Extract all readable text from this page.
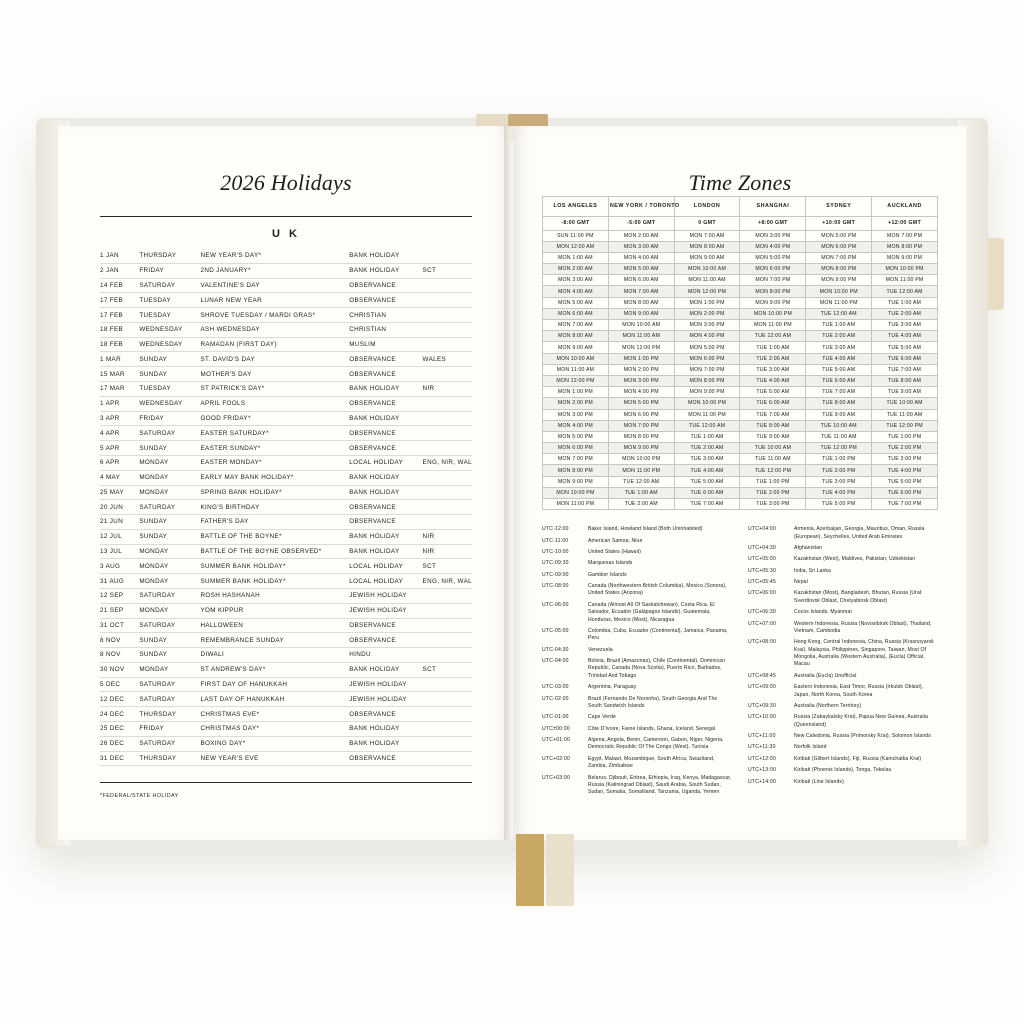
2026 Holidays
U K
1 JAN	THURSDAY	NEW YEAR'S DAY*	BANK HOLIDAY	
2 JAN	FRIDAY	2ND JANUARY*	BANK HOLIDAY	SCT
14 FEB	SATURDAY	VALENTINE'S DAY	OBSERVANCE	
17 FEB	TUESDAY	LUNAR NEW YEAR	OBSERVANCE	
17 FEB	TUESDAY	SHROVE TUESDAY / MARDI GRAS*	CHRISTIAN	
18 FEB	WEDNESDAY	ASH WEDNESDAY	CHRISTIAN	
18 FEB	WEDNESDAY	RAMADAN (FIRST DAY)	MUSLIM	
1 MAR	SUNDAY	ST. DAVID'S DAY	OBSERVANCE	WALES
15 MAR	SUNDAY	MOTHER'S DAY	OBSERVANCE	
17 MAR	TUESDAY	ST PATRICK'S DAY*	BANK HOLIDAY	NIR
1 APR	WEDNESDAY	APRIL FOOLS	OBSERVANCE	
3 APR	FRIDAY	GOOD FRIDAY*	BANK HOLIDAY	
4 APR	SATURDAY	EASTER SATURDAY*	OBSERVANCE	
5 APR	SUNDAY	EASTER SUNDAY*	OBSERVANCE	
6 APR	MONDAY	EASTER MONDAY*	LOCAL HOLIDAY	ENG, NIR, WAL
4 MAY	MONDAY	EARLY MAY BANK HOLIDAY*	BANK HOLIDAY	
25 MAY	MONDAY	SPRING BANK HOLIDAY*	BANK HOLIDAY	
20 JUN	SATURDAY	KING'S BIRTHDAY	OBSERVANCE	
21 JUN	SUNDAY	FATHER'S DAY	OBSERVANCE	
12 JUL	SUNDAY	BATTLE OF THE BOYNE*	BANK HOLIDAY	NIR
13 JUL	MONDAY	BATTLE OF THE BOYNE OBSERVED*	BANK HOLIDAY	NIR
3 AUG	MONDAY	SUMMER BANK HOLIDAY*	LOCAL HOLIDAY	SCT
31 AUG	MONDAY	SUMMER BANK HOLIDAY*	LOCAL HOLIDAY	ENG, NIR, WAL
12 SEP	SATURDAY	ROSH HASHANAH	JEWISH HOLIDAY	
21 SEP	MONDAY	YOM KIPPUR	JEWISH HOLIDAY	
31 OCT	SATURDAY	HALLOWEEN	OBSERVANCE	
8 NOV	SUNDAY	REMEMBRANCE SUNDAY	OBSERVANCE	
8 NOV	SUNDAY	DIWALI	HINDU	
30 NOV	MONDAY	ST ANDREW'S DAY*	BANK HOLIDAY	SCT
5 DEC	SATURDAY	FIRST DAY OF HANUKKAH	JEWISH HOLIDAY	
12 DEC	SATURDAY	LAST DAY OF HANUKKAH	JEWISH HOLIDAY	
24 DEC	THURSDAY	CHRISTMAS EVE*	OBSERVANCE	
25 DEC	FRIDAY	CHRISTMAS DAY*	BANK HOLIDAY	
26 DEC	SATURDAY	BOXING DAY*	BANK HOLIDAY	
31 DEC	THURSDAY	NEW YEAR'S EVE	OBSERVANCE	
*FEDERAL/STATE HOLIDAY
Time Zones
LOS ANGELES	NEW YORK / TORONTO	LONDON	SHANGHAI	SYDNEY	AUCKLAND
-8:00 GMT	-5:00 GMT	0 GMT	+8:00 GMT	+10:00 GMT	+12:00 GMT
SUN 11:00 PM	MON 2:00 AM	MON 7:00 AM	MON 3:00 PM	MON 5:00 PM	MON 7:00 PM
MON 12:00 AM	MON 3:00 AM	MON 8:00 AM	MON 4:00 PM	MON 6:00 PM	MON 8:00 PM
MON 1:00 AM	MON 4:00 AM	MON 9:00 AM	MON 5:00 PM	MON 7:00 PM	MON 9:00 PM
MON 2:00 AM	MON 5:00 AM	MON 10:00 AM	MON 6:00 PM	MON 8:00 PM	MON 10:00 PM
MON 3:00 AM	MON 6:00 AM	MON 11:00 AM	MON 7:00 PM	MON 9:00 PM	MON 11:00 PM
MON 4:00 AM	MON 7:00 AM	MON 12:00 PM	MON 8:00 PM	MON 10:00 PM	TUE 12:00 AM
MON 5:00 AM	MON 8:00 AM	MON 1:00 PM	MON 9:00 PM	MON 11:00 PM	TUE 1:00 AM
MON 6:00 AM	MON 9:00 AM	MON 2:00 PM	MON 10:00 PM	TUE 12:00 AM	TUE 2:00 AM
MON 7:00 AM	MON 10:00 AM	MON 3:00 PM	MON 11:00 PM	TUE 1:00 AM	TUE 3:00 AM
MON 8:00 AM	MON 11:00 AM	MON 4:00 PM	TUE 12:00 AM	TUE 2:00 AM	TUE 4:00 AM
MON 9:00 AM	MON 12:00 PM	MON 5:00 PM	TUE 1:00 AM	TUE 3:00 AM	TUE 5:00 AM
MON 10:00 AM	MON 1:00 PM	MON 6:00 PM	TUE 2:00 AM	TUE 4:00 AM	TUE 6:00 AM
MON 11:00 AM	MON 2:00 PM	MON 7:00 PM	TUE 3:00 AM	TUE 5:00 AM	TUE 7:00 AM
MON 12:00 PM	MON 3:00 PM	MON 8:00 PM	TUE 4:00 AM	TUE 6:00 AM	TUE 8:00 AM
MON 1:00 PM	MON 4:00 PM	MON 9:00 PM	TUE 5:00 AM	TUE 7:00 AM	TUE 9:00 AM
MON 2:00 PM	MON 5:00 PM	MON 10:00 PM	TUE 6:00 AM	TUE 8:00 AM	TUE 10:00 AM
MON 3:00 PM	MON 6:00 PM	MON 11:00 PM	TUE 7:00 AM	TUE 9:00 AM	TUE 11:00 AM
MON 4:00 PM	MON 7:00 PM	TUE 12:00 AM	TUE 8:00 AM	TUE 10:00 AM	TUE 12:00 PM
MON 5:00 PM	MON 8:00 PM	TUE 1:00 AM	TUE 9:00 AM	TUE 11:00 AM	TUE 1:00 PM
MON 6:00 PM	MON 9:00 PM	TUE 2:00 AM	TUE 10:00 AM	TUE 12:00 PM	TUE 2:00 PM
MON 7:00 PM	MON 10:00 PM	TUE 3:00 AM	TUE 11:00 AM	TUE 1:00 PM	TUE 3:00 PM
MON 8:00 PM	MON 11:00 PM	TUE 4:00 AM	TUE 12:00 PM	TUE 2:00 PM	TUE 4:00 PM
MON 9:00 PM	TUE 12:00 AM	TUE 5:00 AM	TUE 1:00 PM	TUE 3:00 PM	TUE 5:00 PM
MON 10:00 PM	TUE 1:00 AM	TUE 6:00 AM	TUE 2:00 PM	TUE 4:00 PM	TUE 6:00 PM
MON 11:00 PM	TUE 2:00 AM	TUE 7:00 AM	TUE 3:00 PM	TUE 5:00 PM	TUE 7:00 PM
UTC-12:00	Baker Island, Howland Island (Both Uninhabited)
UTC-11:00	American Samoa, Niue
UTC-10:00	United States (Hawaii)
UTC-09:30	Marquesas Islands
UTC-09:00	Gambier Islands
UTC-08:00	Canada (Northwestern British Columbia), Mexico (Sonora), United States (Arizona)
UTC-06:00	Canada (Almost All Of Saskatchewan), Costa Rica, El Salvador, Ecuador (Galápagos Islands), Guatemala, Honduras, Mexico (Most), Nicaragua
UTC-05:00	Colombia, Cuba, Ecuador (Continental), Jamaica, Panama, Peru
UTC-04:30	Venezuela
UTC-04:00	Bolivia, Brazil (Amazonas), Chile (Continental), Dominican Republic, Canada (Nova Scotia), Puerto Rico, Barbados, Trinidad And Tobago
UTC-03:00	Argentina, Paraguay
UTC-02:00	Brazil (Fernando De Noronha), South Georgia And The South Sandwich Islands
UTC-01:00	Cape Verde
UTC±00:00	Côte D'Ivoire, Faroe Islands, Ghana, Iceland, Senegal
UTC+01:00	Algeria, Angola, Benin, Cameroon, Gabon, Niger, Nigeria, Democratic Republic Of The Congo (West), Tunisia
UTC+02:00	Egypt, Malawi, Mozambique, South Africa, Swaziland, Zambia, Zimbabwe
UTC+03:00	Belarus, Djibouti, Eritrea, Ethiopia, Iraq, Kenya, Madagascar, Russia (Kaliningrad Oblast), Saudi Arabia, South Sudan, Sudan, Somalia, Somaliland, Tanzania, Uganda, Yemen
UTC+04:00	Armenia, Azerbaijan, Georgia, Mauritius, Oman, Russia (European), Seychelles, United Arab Emirates
UTC+04:30	Afghanistan
UTC+05:00	Kazakhstan (West), Maldives, Pakistan, Uzbekistan
UTC+05:30	India, Sri Lanka
UTC+05:45	Nepal
UTC+06:00	Kazakhstan (Most), Bangladesh, Bhutan, Russia (Ural: Sverdlovsk Oblast, Chelyabinsk Oblast)
UTC+06:30	Cocos Islands, Myanmar
UTC+07:00	Western Indonesia, Russia (Novosibirsk Oblast), Thailand, Vietnam, Cambodia
UTC+08:00	Hong Kong, Central Indonesia, China, Russia (Krasnoyarsk Krai), Malaysia, Philippines, Singapore, Taiwan, Most Of Mongolia, Australia (Western Australia), (Eucla) Official, Macau
UTC+08:45	Australia (Eucla) Unofficial
UTC+09:00	Eastern Indonesia, East Timor, Russia (Irkutsk Oblast), Japan, North Korea, South Korea
UTC+09:30	Australia (Northern Territory)
UTC+10:00	Russia (Zabaykalsky Krai), Papua New Guinea, Australia (Queensland)
UTC+11:00	New Caledonia, Russia (Primorsky Krai), Solomon Islands
UTC+11:30	Norfolk Island
UTC+12:00	Kiribati (Gilbert Islands), Fiji, Russia (Kamchatka Krai)
UTC+13:00	Kiribati (Phoenix Islands), Tonga, Tokelau
UTC+14:00	Kiribati (Line Islands)
